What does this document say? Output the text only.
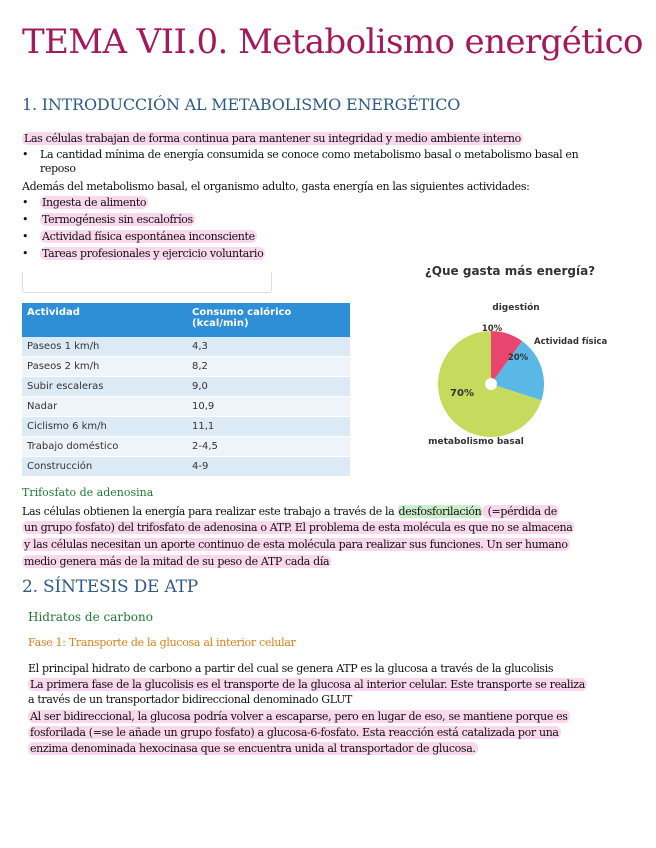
TEMA VII.0. Metabolismo energético
1. INTRODUCCIÓN AL METABOLISMO ENERGÉTICO
Las células trabajan de forma continua para mantener su integridad y medio ambiente interno
• La cantidad mínima de energía consumida se conoce como metabolismo basal o metabolismo basal en
reposo
Además del metabolismo basal, el organismo adulto, gasta energía en las siguientes actividades:
• Ingesta de alimento
• Termogénesis sin escalofríos
• Actividad física espontánea inconsciente
• Tareas profesionales y ejercicio voluntario
Actividad	Consumo calórico (kcal/min)
Paseos 1 km/h	4,3
Paseos 2 km/h	8,2
Subir escaleras	9,0
Nadar	10,9
Ciclismo 6 km/h	11,1
Trabajo doméstico	2-4,5
Construcción	4-9
¿Que gasta más energía?
digestión
Actividad física
metabolismo basal
10%
20%
70%
Trifosfato de adenosina
Las células obtienen la energía para realizar este trabajo a través de la desfosforilación (=pérdida de
un grupo fosfato) del trifosfato de adenosina o ATP. El problema de esta molécula es que no se almacena
y las células necesitan un aporte continuo de esta molécula para realizar sus funciones. Un ser humano
medio genera más de la mitad de su peso de ATP cada día
2. SÍNTESIS DE ATP
Hidratos de carbono
Fase 1: Transporte de la glucosa al interior celular
El principal hidrato de carbono a partir del cual se genera ATP es la glucosa a través de la glucolisis
La primera fase de la glucolisis es el transporte de la glucosa al interior celular. Este transporte se realiza
a través de un transportador bidireccional denominado GLUT
Al ser bidireccional, la glucosa podría volver a escaparse, pero en lugar de eso, se mantiene porque es
fosforilada (=se le añade un grupo fosfato) a glucosa-6-fosfato. Esta reacción está catalizada por una
enzima denominada hexocinasa que se encuentra unida al transportador de glucosa.
